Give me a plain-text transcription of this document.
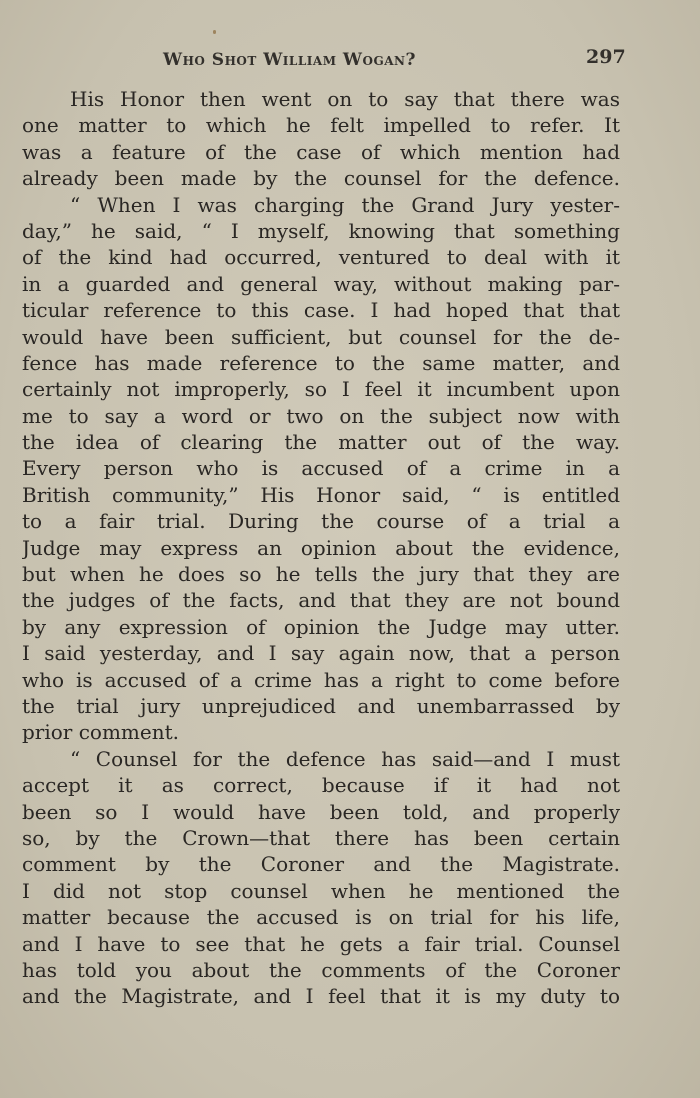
Who Shot William Wogan?	297
His Honor then went on to say that there was
one matter to which he felt impelled to refer. It
was a feature of the case of which mention had
already been made by the counsel for the defence.
“ When I was charging the Grand Jury yester-
day,” he said, “ I myself, knowing that something
of the kind had occurred, ventured to deal with it
in a guarded and general way, without making par-
ticular reference to this case. I had hoped that that
would have been sufficient, but counsel for the de-
fence has made reference to the same matter, and
certainly not improperly, so I feel it incumbent upon
me to say a word or two on the subject now with
the idea of clearing the matter out of the way.
Every person who is accused of a crime in a
British community,” His Honor said, “ is entitled
to a fair trial. During the course of a trial a
Judge may express an opinion about the evidence,
but when he does so he tells the jury that they are
the judges of the facts, and that they are not bound
by any expression of opinion the Judge may utter.
I said yesterday, and I say again now, that a person
who is accused of a crime has a right to come before
the trial jury unprejudiced and unembarrassed by
prior comment.
“ Counsel for the defence has said—and I must
accept it as correct, because if it had not
been so I would have been told, and properly
so, by the Crown—that there has been certain
comment by the Coroner and the Magistrate.
I did not stop counsel when he mentioned the
matter because the accused is on trial for his life,
and I have to see that he gets a fair trial. Counsel
has told you about the comments of the Coroner
and the Magistrate, and I feel that it is my duty to
